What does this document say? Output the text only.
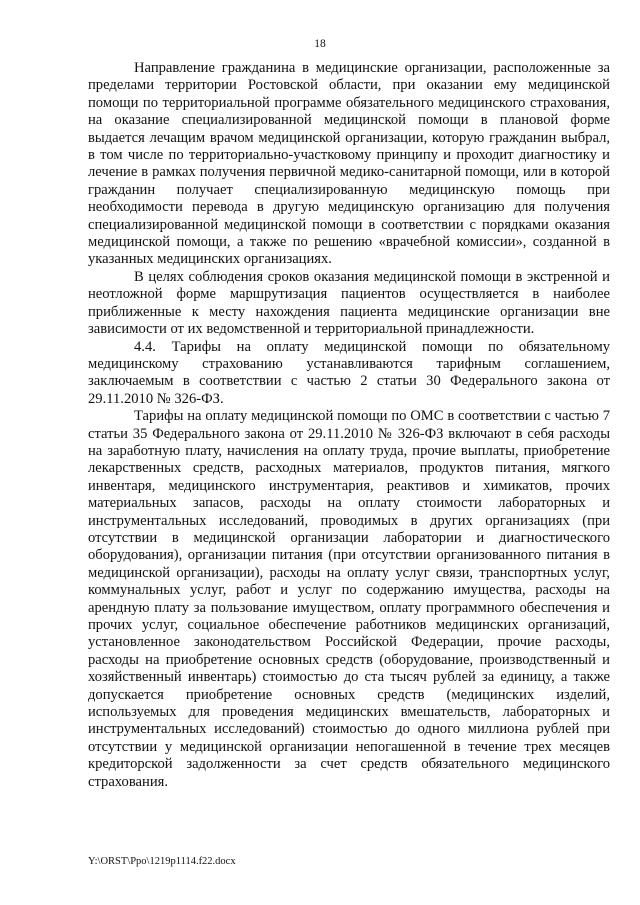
18

Направление гражданина в медицинские организации, расположенные за пределами территории Ростовской области, при оказании ему медицинской помощи по территориальной программе обязательного медицинского страхования, на оказание специализированной медицинской помощи в плановой форме выдается лечащим врачом медицинской организации, которую гражданин выбрал, в том числе по территориально-участковому принципу и проходит диагностику и лечение в рамках получения первичной медико-санитарной помощи, или в которой гражданин получает специализированную медицинскую помощь при необходимости перевода в другую медицинскую организацию для получения специализированной медицинской помощи в соответствии с порядками оказания медицинской помощи, а также по решению «врачебной комиссии», созданной в указанных медицинских организациях.

В целях соблюдения сроков оказания медицинской помощи в экстренной и неотложной форме маршрутизация пациентов осуществляется в наиболее приближенные к месту нахождения пациента медицинские организации вне зависимости от их ведомственной и территориальной принадлежности.

4.4. Тарифы на оплату медицинской помощи по обязательному медицинскому страхованию устанавливаются тарифным соглашением, заключаемым в соответствии с частью 2 статьи 30 Федерального закона от 29.11.2010 № 326-ФЗ.

Тарифы на оплату медицинской помощи по ОМС в соответствии с частью 7 статьи 35 Федерального закона от 29.11.2010 № 326-ФЗ включают в себя расходы на заработную плату, начисления на оплату труда, прочие выплаты, приобретение лекарственных средств, расходных материалов, продуктов питания, мягкого инвентаря, медицинского инструментария, реактивов и химикатов, прочих материальных запасов, расходы на оплату стоимости лабораторных и инструментальных исследований, проводимых в других организациях (при отсутствии в медицинской организации лаборатории и диагностического оборудования), организации питания (при отсутствии организованного питания в медицинской организации), расходы на оплату услуг связи, транспортных услуг, коммунальных услуг, работ и услуг по содержанию имущества, расходы на арендную плату за пользование имуществом, оплату программного обеспечения и прочих услуг, социальное обеспечение работников медицинских организаций, установленное законодательством Российской Федерации, прочие расходы, расходы на приобретение основных средств (оборудование, производственный и хозяйственный инвентарь) стоимостью до ста тысяч рублей за единицу, а также допускается приобретение основных средств (медицинских изделий, используемых для проведения медицинских вмешательств, лабораторных и инструментальных исследований) стоимостью до одного миллиона рублей при отсутствии у медицинской организации непогашенной в течение трех месяцев кредиторской задолженности за счет средств обязательного медицинского страхования.

Y:\ORST\Ppo\1219p1114.f22.docx
